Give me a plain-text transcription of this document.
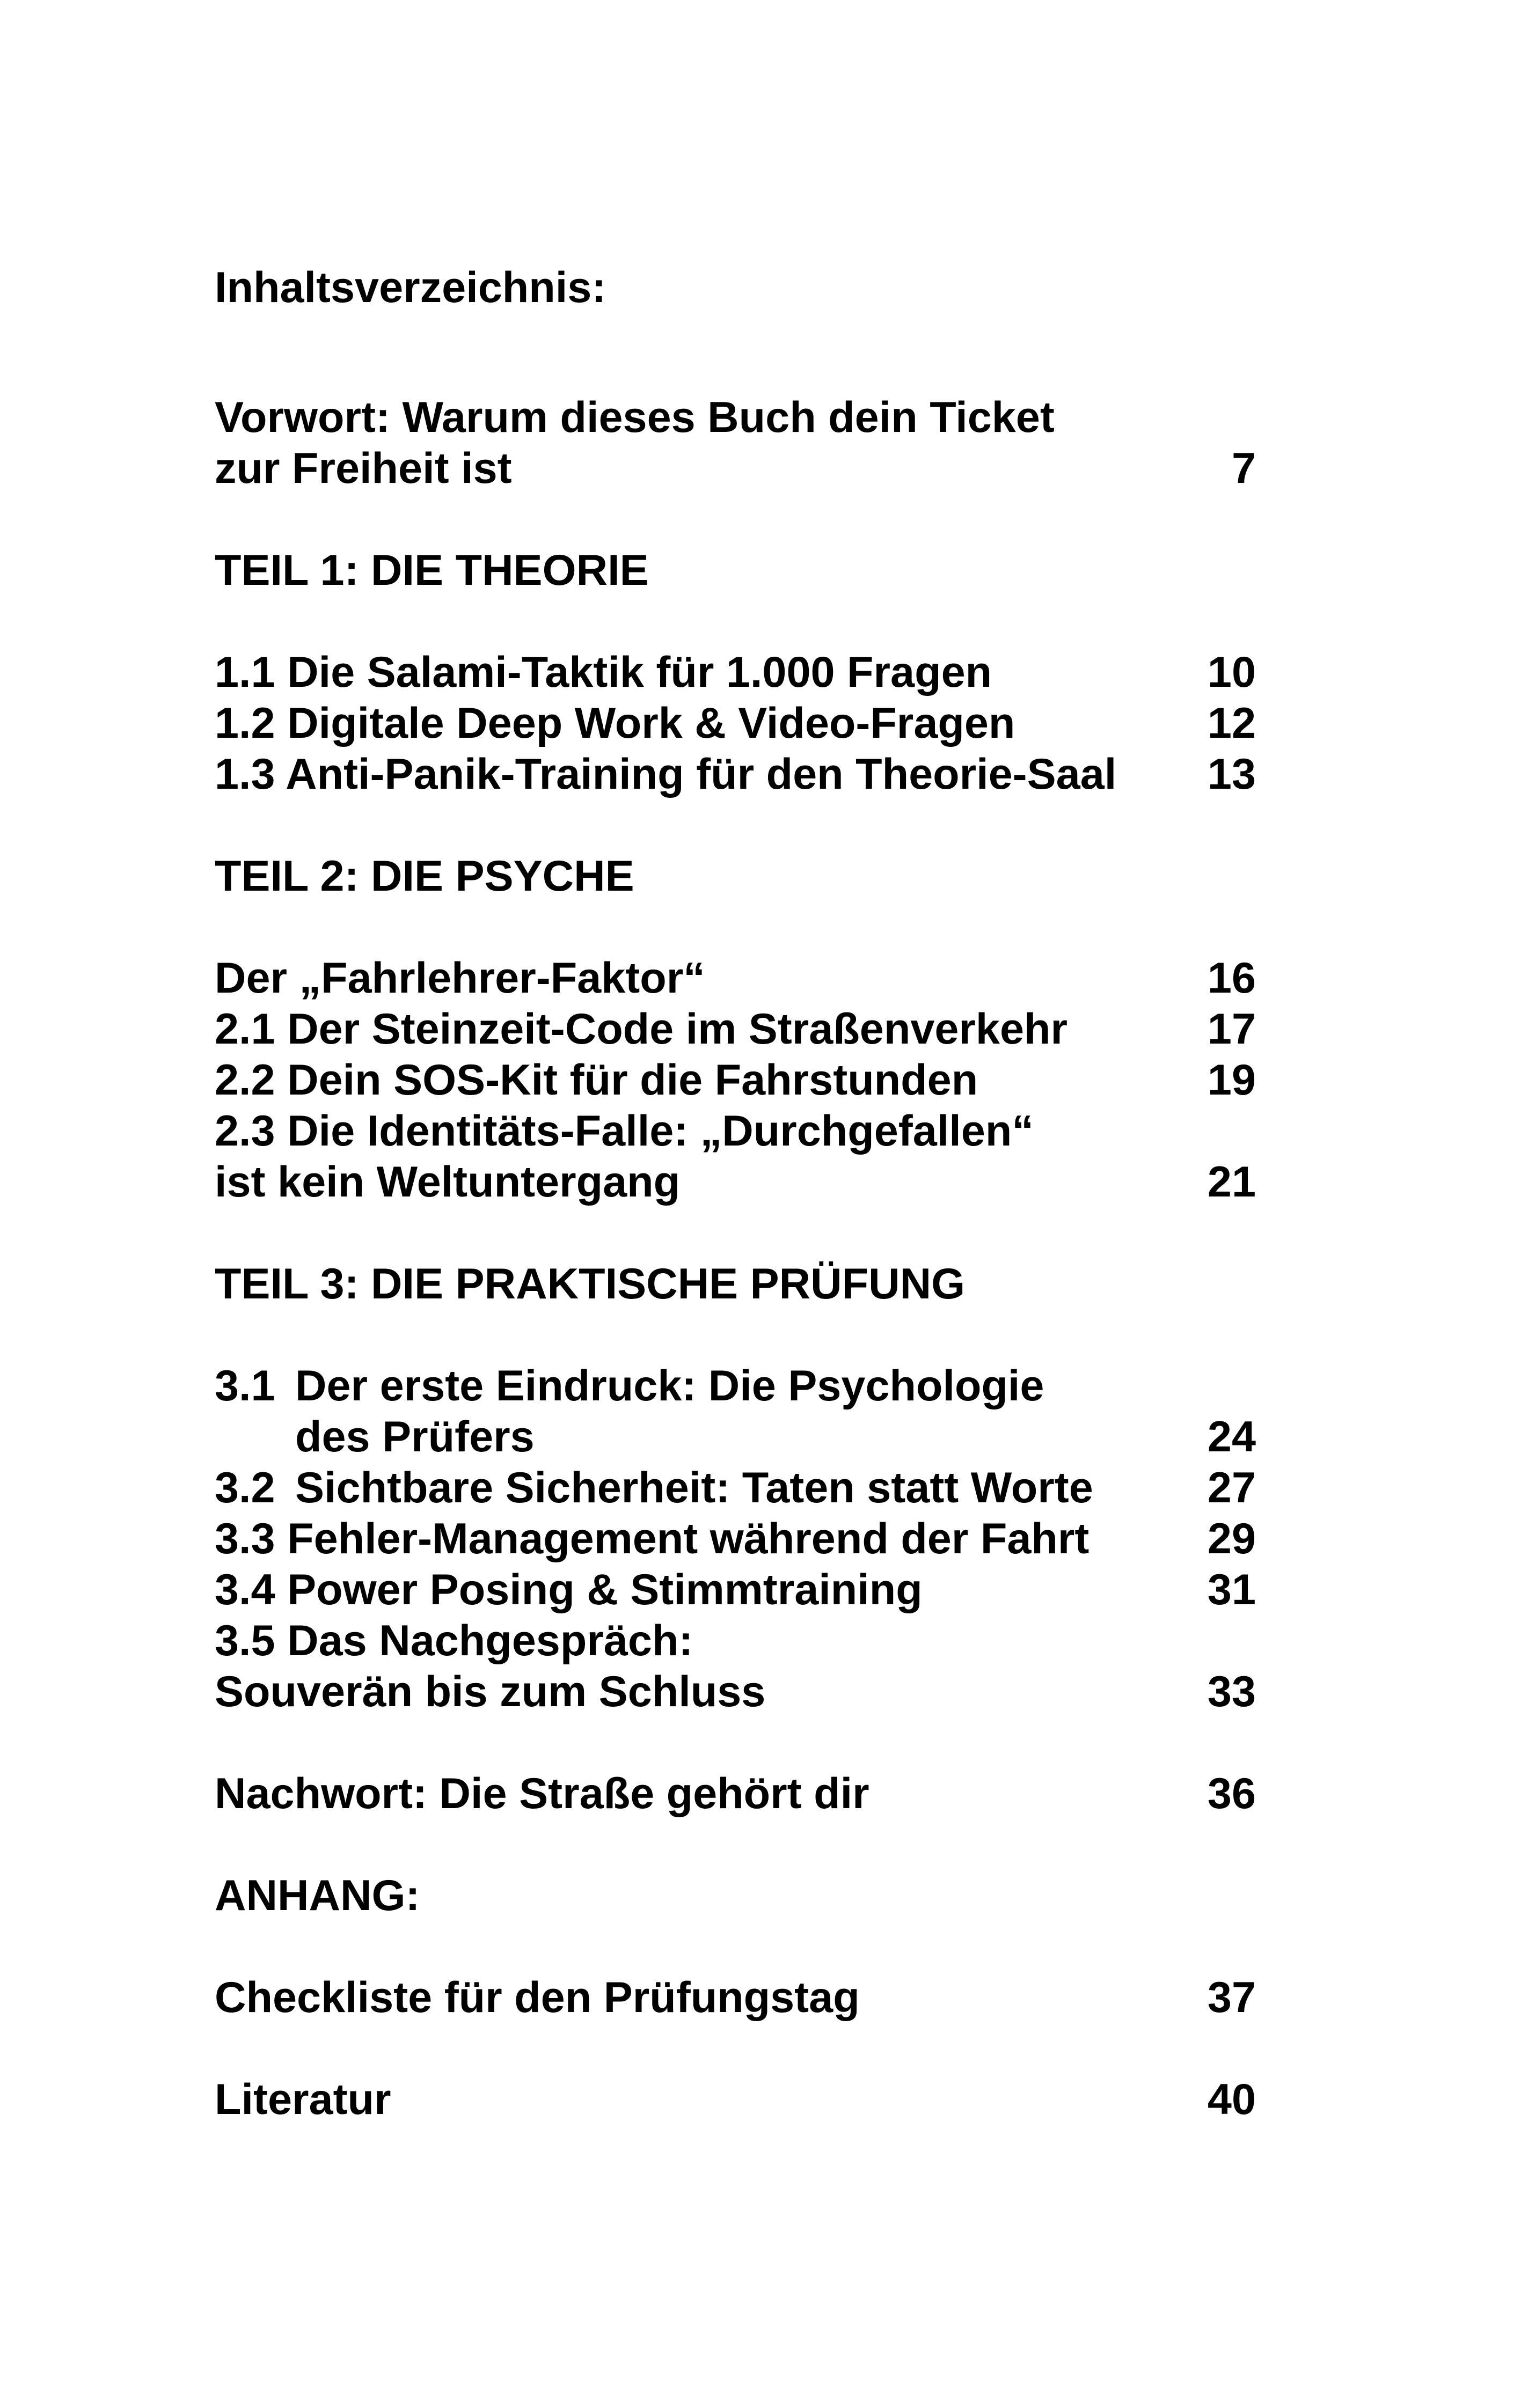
Inhaltsverzeichnis:
Vorwort: Warum dieses Buch dein Ticket
zur Freiheit ist	7
TEIL 1: DIE THEORIE
1.1 Die Salami-Taktik für 1.000 Fragen	10
1.2 Digitale Deep Work & Video-Fragen	12
1.3 Anti-Panik-Training für den Theorie-Saal 13
TEIL 2: DIE PSYCHE
Der „Fahrlehrer-Faktor“	16
2.1 Der Steinzeit-Code im Straßenverkehr	17
2.2 Dein SOS-Kit für die Fahrstunden	19
2.3 Die Identitäts-Falle: „Durchgefallen“
ist kein Weltuntergang	21
TEIL 3: DIE PRAKTISCHE PRÜFUNG
3.1 Der erste Eindruck: Die Psychologie
des Prüfers	24
3.2 Sichtbare Sicherheit: Taten statt Worte	27
3.3 Fehler-Management während der Fahrt	29
3.4 Power Posing & Stimmtraining	31
3.5 Das Nachgespräch:
Souverän bis zum Schluss	33
Nachwort: Die Straße gehört dir	36
ANHANG:
Checkliste für den Prüfungstag	37
Literatur	40
